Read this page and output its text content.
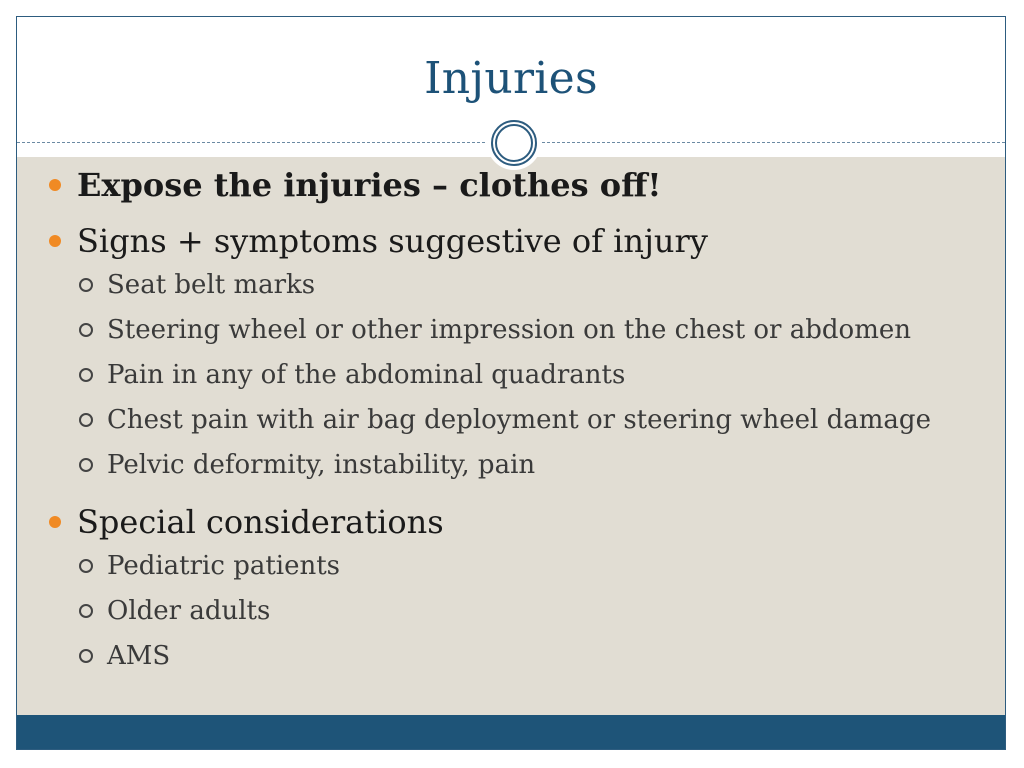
Injuries
Expose the injuries – clothes off!
Signs + symptoms suggestive of injury
Seat belt marks
Steering wheel or other impression on the chest or abdomen
Pain in any of the abdominal quadrants
Chest pain with air bag deployment or steering wheel damage
Pelvic deformity, instability, pain
Special considerations
Pediatric patients
Older adults
AMS
